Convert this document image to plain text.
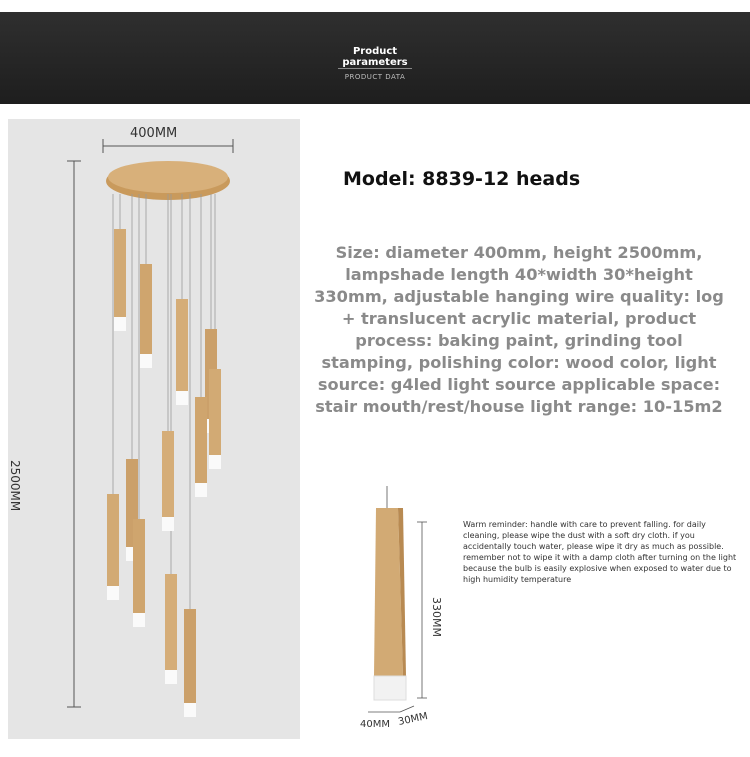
Product
parameters
PRODUCT DATA
400MM
2500MM
Model: 8839-12 heads
Size: diameter 400mm, height 2500mm, lampshade length 40*width 30*height 330mm, adjustable hanging wire quality: log + translucent acrylic material, product process: baking paint, grinding tool stamping, polishing color: wood color, light source: g4led light source applicable space: stair mouth/rest/house light range: 10-15m2
330MM
40MM 30MM
Warm reminder: handle with care to prevent falling. for daily cleaning, please wipe the dust with a soft dry cloth. if you accidentally touch water, please wipe it dry as much as possible. remember not to wipe it with a damp cloth after turning on the light because the bulb is easily explosive when exposed to water due to high humidity temperature
